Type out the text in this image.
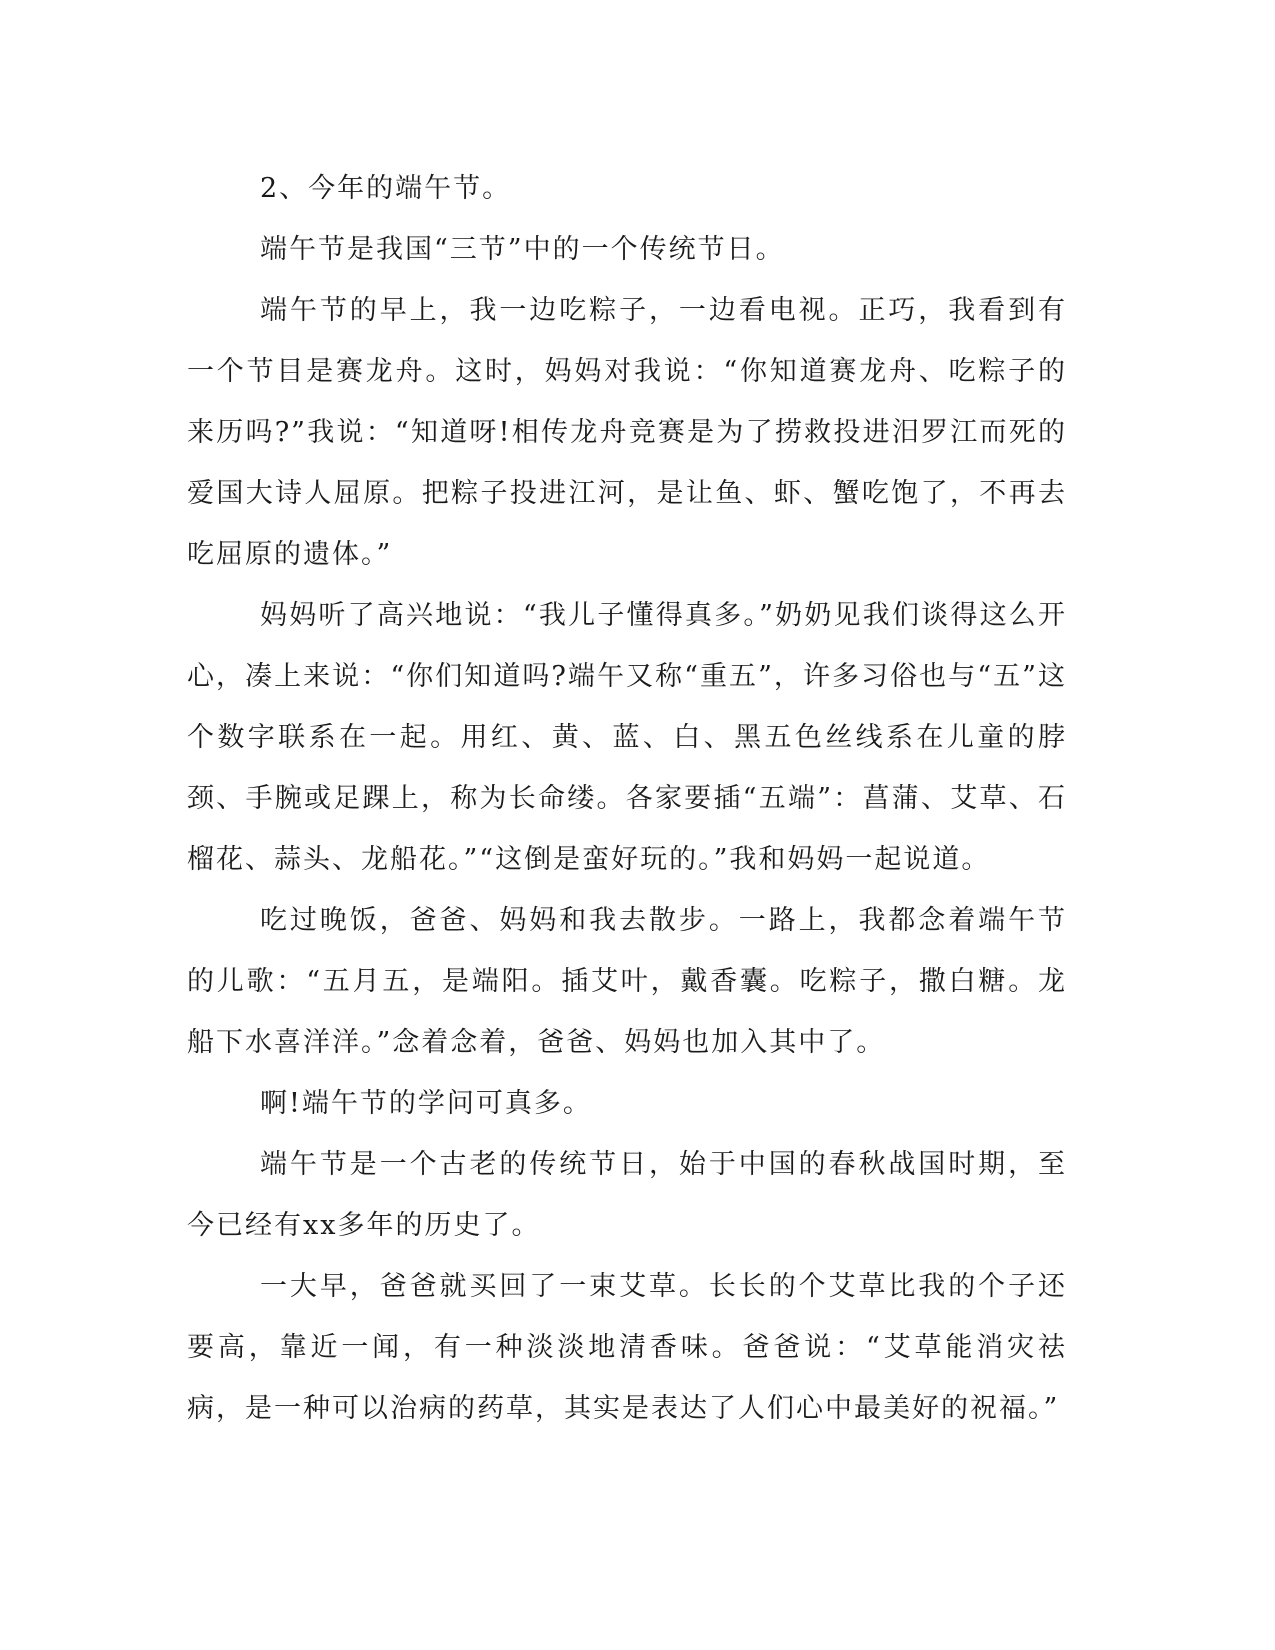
2、今年的端午节。

端午节是我国“三节”中的一个传统节日。

端午节的早上，我一边吃粽子，一边看电视。正巧，我看到有一个节目是赛龙舟。这时，妈妈对我说：“你知道赛龙舟、吃粽子的来历吗?”我说：“知道呀!相传龙舟竞赛是为了捞救投进汨罗江而死的爱国大诗人屈原。把粽子投进江河，是让鱼、虾、蟹吃饱了，不再去吃屈原的遗体。”

妈妈听了高兴地说：“我儿子懂得真多。”奶奶见我们谈得这么开心，凑上来说：“你们知道吗?端午又称“重五”，许多习俗也与“五”这个数字联系在一起。用红、黄、蓝、白、黑五色丝线系在儿童的脖颈、手腕或足踝上，称为长命缕。各家要插“五端”：菖蒲、艾草、石榴花、蒜头、龙船花。”“这倒是蛮好玩的。”我和妈妈一起说道。

吃过晚饭，爸爸、妈妈和我去散步。一路上，我都念着端午节的儿歌：“五月五，是端阳。插艾叶，戴香囊。吃粽子，撒白糖。龙船下水喜洋洋。”念着念着，爸爸、妈妈也加入其中了。

啊!端午节的学问可真多。

端午节是一个古老的传统节日，始于中国的春秋战国时期，至今已经有xx多年的历史了。

一大早，爸爸就买回了一束艾草。长长的个艾草比我的个子还要高，靠近一闻，有一种淡淡地清香味。爸爸说：“艾草能消灾祛病，是一种可以治病的药草，其实是表达了人们心中最美好的祝福。”
